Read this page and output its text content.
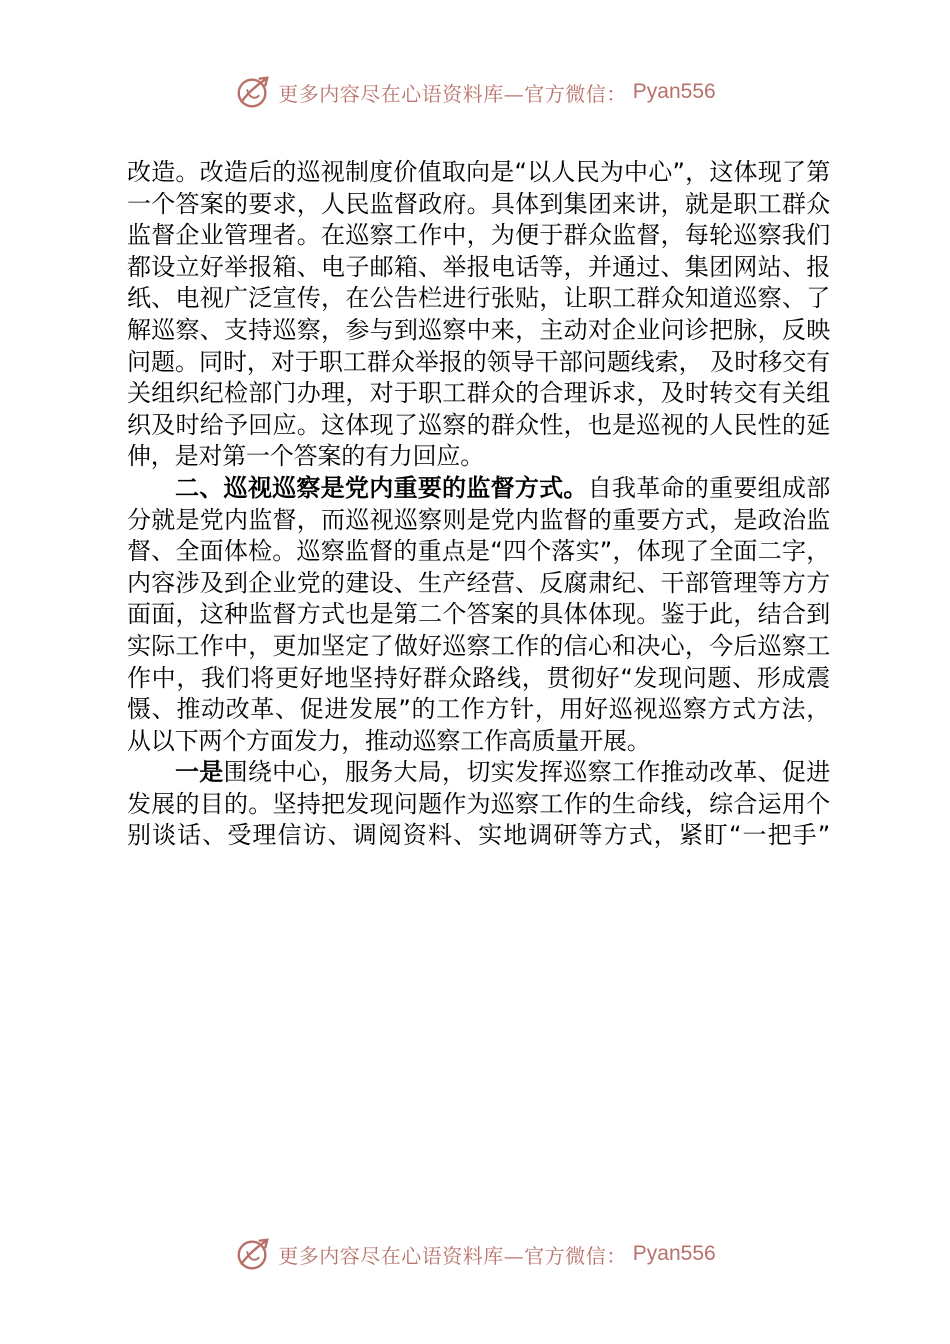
更多内容尽在心语资料库—官方微信： Pyan556
改造。改造后的巡视制度价值取向是“以人民为中心”，这体现了第
一个答案的要求，人民监督政府。具体到集团来讲，就是职工群众
监督企业管理者。在巡察工作中，为便于群众监督，每轮巡察我们
都设立好举报箱、电子邮箱、举报电话等，并通过、集团网站、报
纸、电视广泛宣传，在公告栏进行张贴，让职工群众知道巡察、了
解巡察、支持巡察，参与到巡察中来，主动对企业问诊把脉，反映
问题。同时，对于职工群众举报的领导干部问题线索， 及时移交有
关组织纪检部门办理，对于职工群众的合理诉求，及时转交有关组
织及时给予回应。这体现了巡察的群众性，也是巡视的人民性的延
伸，是对第一个答案的有力回应。
二、巡视巡察是党内重要的监督方式。自我革命的重要组成部
分就是党内监督，而巡视巡察则是党内监督的重要方式，是政治监
督、全面体检。巡察监督的重点是“四个落实”，体现了全面二字，
内容涉及到企业党的建设、生产经营、反腐肃纪、干部管理等方方
面面，这种监督方式也是第二个答案的具体体现。鉴于此，结合到
实际工作中，更加坚定了做好巡察工作的信心和决心，今后巡察工
作中，我们将更好地坚持好群众路线，贯彻好“发现问题、形成震
慑、推动改革、促进发展”的工作方针，用好巡视巡察方式方法，
从以下两个方面发力，推动巡察工作高质量开展。
一是围绕中心，服务大局，切实发挥巡察工作推动改革、促进
发展的目的。坚持把发现问题作为巡察工作的生命线，综合运用个
别谈话、受理信访、调阅资料、实地调研等方式，紧盯“一把手”
更多内容尽在心语资料库—官方微信： Pyan556
